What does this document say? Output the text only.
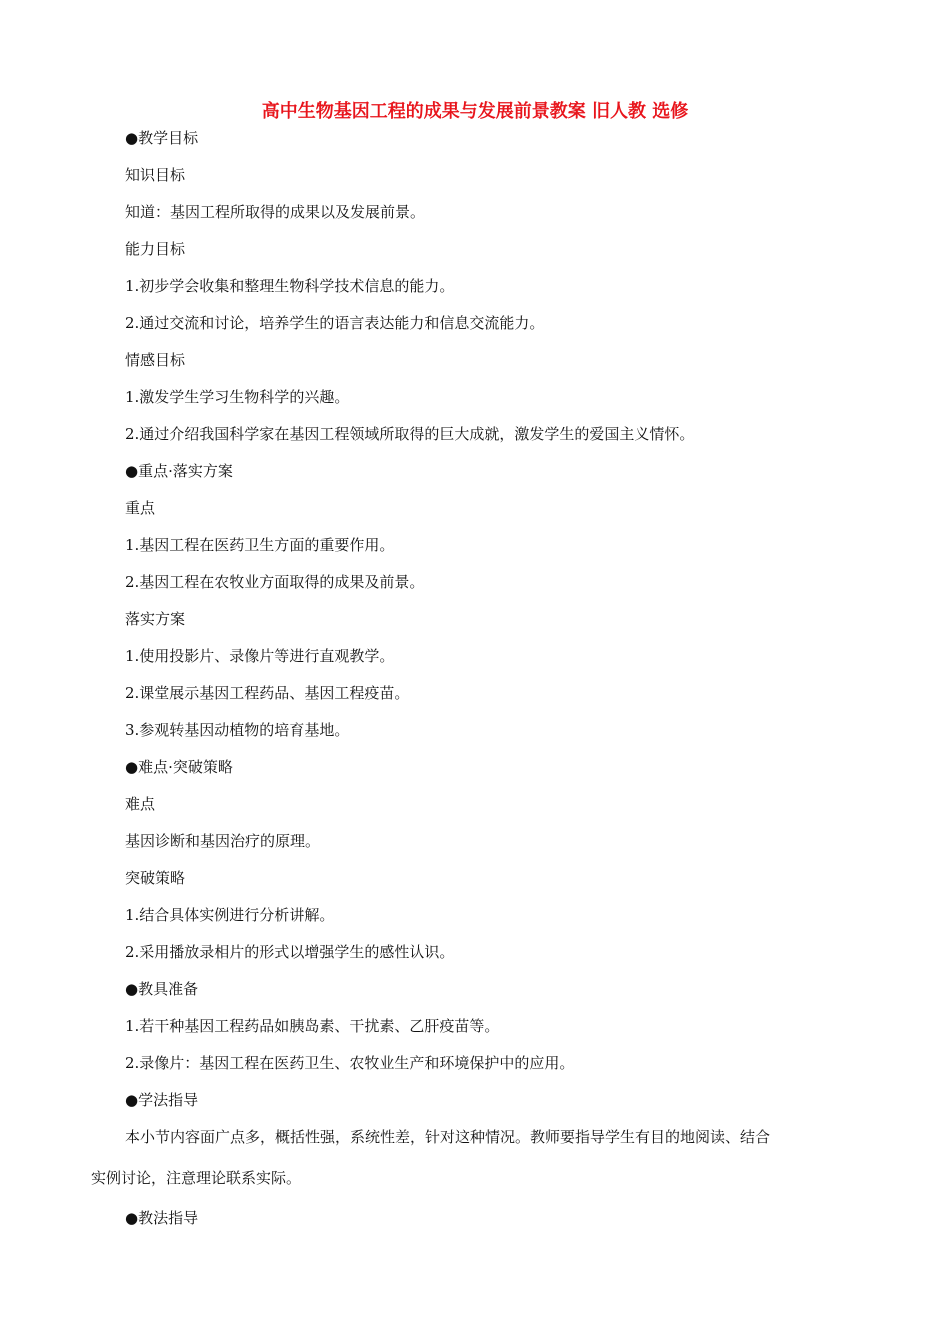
高中生物基因工程的成果与发展前景教案 旧人教 选修
●教学目标
知识目标
知道：基因工程所取得的成果以及发展前景。
能力目标
1.初步学会收集和整理生物科学技术信息的能力。
2.通过交流和讨论，培养学生的语言表达能力和信息交流能力。
情感目标
1.激发学生学习生物科学的兴趣。
2.通过介绍我国科学家在基因工程领域所取得的巨大成就，激发学生的爱国主义情怀。
●重点·落实方案
重点
1.基因工程在医药卫生方面的重要作用。
2.基因工程在农牧业方面取得的成果及前景。
落实方案
1.使用投影片、录像片等进行直观教学。
2.课堂展示基因工程药品、基因工程疫苗。
3.参观转基因动植物的培育基地。
●难点·突破策略
难点
基因诊断和基因治疗的原理。
突破策略
1.结合具体实例进行分析讲解。
2.采用播放录相片的形式以增强学生的感性认识。
●教具准备
1.若干种基因工程药品如胰岛素、干扰素、乙肝疫苗等。
2.录像片：基因工程在医药卫生、农牧业生产和环境保护中的应用。
●学法指导
本小节内容面广点多，概括性强，系统性差，针对这种情况。教师要指导学生有目的地阅读、结合
实例讨论，注意理论联系实际。
●教法指导
